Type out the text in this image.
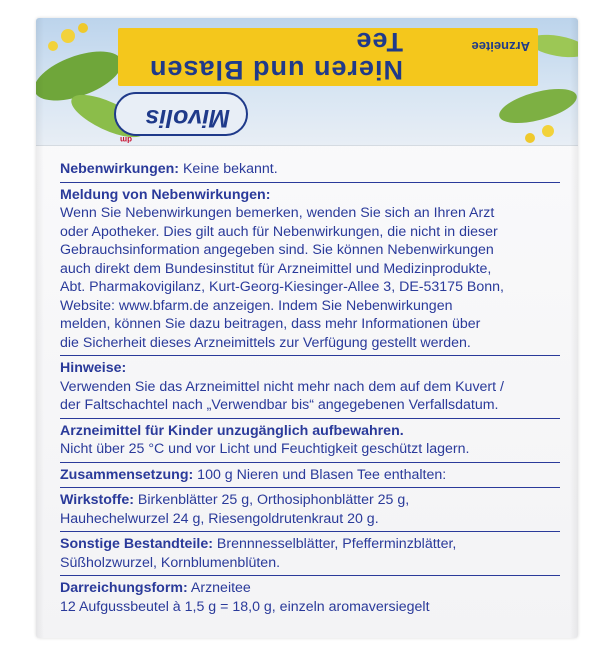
Nieren und Blasen
Tee	Arzneitee
Mivolis
dm

Nebenwirkungen: Keine bekannt.

Meldung von Nebenwirkungen:

Wenn Sie Nebenwirkungen bemerken, wenden Sie sich an Ihren Arzt

oder Apotheker. Dies gilt auch für Nebenwirkungen, die nicht in dieser

Gebrauchsinformation angegeben sind. Sie können Nebenwirkungen

auch direkt dem Bundesinstitut für Arzneimittel und Medizinprodukte,

Abt. Pharmakovigilanz, Kurt-Georg-Kiesinger-Allee 3, DE-53175 Bonn,

Website: www.bfarm.de anzeigen. Indem Sie Nebenwirkungen

melden, können Sie dazu beitragen, dass mehr Informationen über

die Sicherheit dieses Arzneimittels zur Verfügung gestellt werden.

Hinweise:

Verwenden Sie das Arzneimittel nicht mehr nach dem auf dem Kuvert /

der Faltschachtel nach „Verwendbar bis“ angegebenen Verfallsdatum.

Arzneimittel für Kinder unzugänglich aufbewahren.

Nicht über 25 °C und vor Licht und Feuchtigkeit geschützt lagern.

Zusammensetzung: 100 g Nieren und Blasen Tee enthalten:

Wirkstoffe: Birkenblätter 25 g, Orthosiphonblätter 25 g,

Hauhechelwurzel 24 g, Riesengoldrutenkraut 20 g.

Sonstige Bestandteile: Brennnesselblätter, Pfefferminzblätter,

Süßholzwurzel, Kornblumenblüten.

Darreichungsform: Arzneitee

12 Aufgussbeutel à 1,5 g = 18,0 g, einzeln aromaversiegelt
